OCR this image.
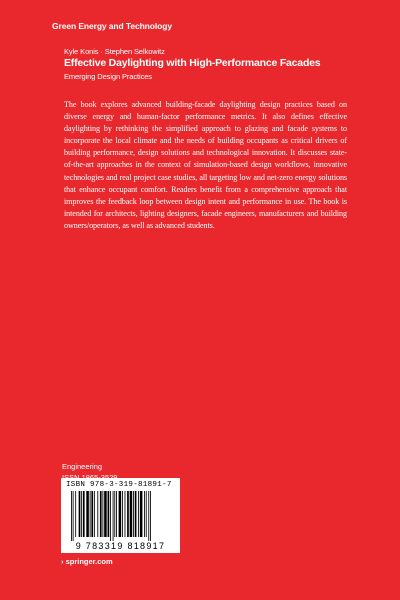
Green Energy and Technology
Kyle Konis · Stephen Selkowitz
Effective Daylighting with High-Performance Facades
Emerging Design Practices

The book explores advanced building-facade daylighting design practices based on diverse energy and human-factor performance metrics. It also defines effective daylighting by rethinking the simplified approach to glazing and facade systems to incorporate the local climate and the needs of building occupants as critical drivers of building performance, design solutions and technological innovation. It discusses state-of-the-art approaches in the context of simulation-based design workflows, innovative technologies and real project case studies, all targeting low and net-zero energy solutions that enhance occupant comfort. Readers benefit from a comprehensive approach that improves the feedback loop between design intent and performance in use. The book is intended for architects, lighting designers, facade engineers, manufacturers and building owners/operators, as well as advanced students.

Engineering
ISBN 978-3-319-81891-7
9 783319 818917
› springer.com
